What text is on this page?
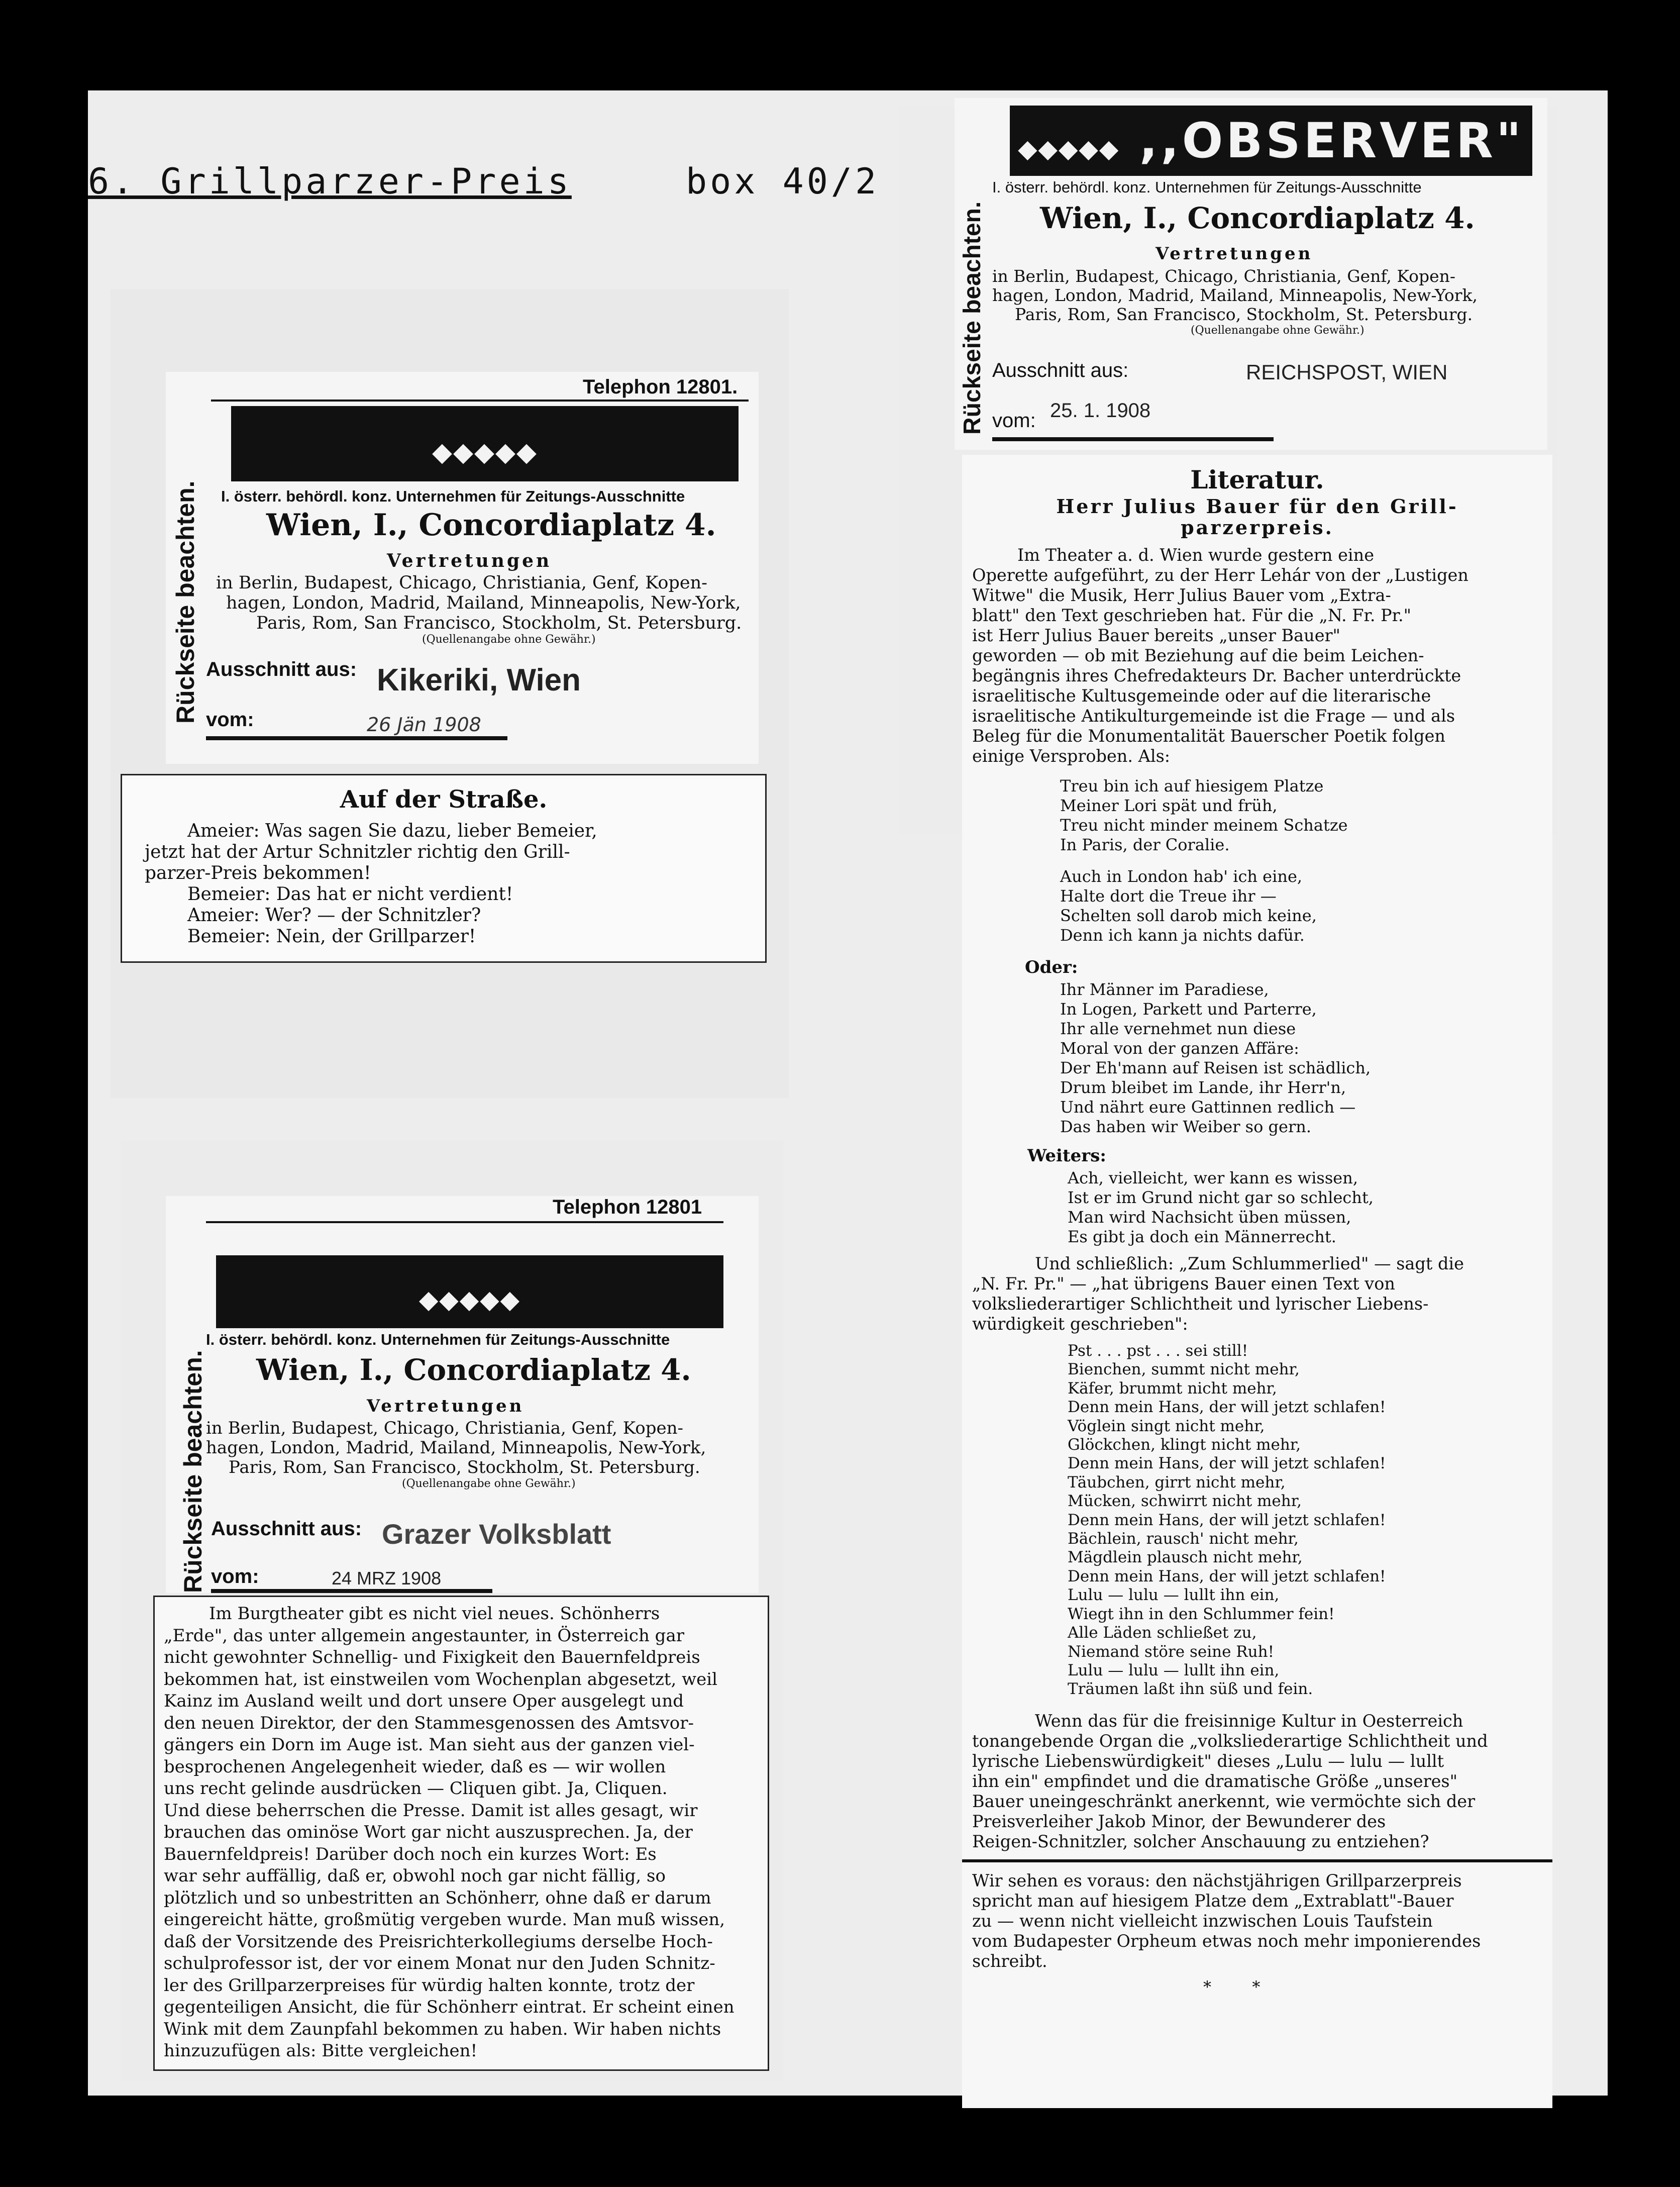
6. Grillparzer-Preis	box 40/2
Rückseite beachten.
Telephon 12801.
◆◆◆◆◆
I. österr. behördl. konz. Unternehmen für Zeitungs-Ausschnitte
Wien, I., Concordiaplatz 4.
Vertretungen
in Berlin, Budapest, Chicago, Christiania, Genf, Kopen-
hagen, London, Madrid, Mailand, Minneapolis, New-York,
Paris, Rom, San Francisco, Stockholm, St. Petersburg.
(Quellenangabe ohne Gewähr.)
Ausschnitt aus: Kikeriki, Wien
vom:	26 Jän 1908
Auf der Straße.
Ameier: Was sagen Sie dazu, lieber Bemeier,
jetzt hat der Artur Schnitzler richtig den Grill-
parzer-Preis bekommen!
Bemeier: Das hat er nicht verdient!
Ameier: Wer? — der Schnitzler?
Bemeier: Nein, der Grillparzer!
Rückseite beachten.
◆◆◆◆◆ ,,OBSERVER"
I. österr. behördl. konz. Unternehmen für Zeitungs-Ausschnitte
Wien, I., Concordiaplatz 4.
Vertretungen
in Berlin, Budapest, Chicago, Christiania, Genf, Kopen-
hagen, London, Madrid, Mailand, Minneapolis, New-York,
Paris, Rom, San Francisco, Stockholm, St. Petersburg.
(Quellenangabe ohne Gewähr.)
Ausschnitt aus:	REICHSPOST, WIEN
vom: 25. 1. 1908
Literatur.
Herr Julius Bauer für den Grill-
parzerpreis.

Im Theater a. d. Wien wurde gestern eine

Operette aufgeführt, zu der Herr Lehár von der „Lustigen

Witwe" die Musik, Herr Julius Bauer vom „Extra-

blatt" den Text geschrieben hat. Für die „N. Fr. Pr."

ist Herr Julius Bauer bereits „unser Bauer"

geworden — ob mit Beziehung auf die beim Leichen-

begängnis ihres Chefredakteurs Dr. Bacher unterdrückte

israelitische Kultusgemeinde oder auf die literarische

israelitische Antikulturgemeinde ist die Frage — und als

Beleg für die Monumentalität Bauerscher Poetik folgen

einige Versproben. Als:

Treu bin ich auf hiesigem Platze

Meiner Lori spät und früh,

Treu nicht minder meinem Schatze

In Paris, der Coralie.

Auch in London hab' ich eine,

Halte dort die Treue ihr —

Schelten soll darob mich keine,

Denn ich kann ja nichts dafür.

Oder:

Ihr Männer im Paradiese,

In Logen, Parkett und Parterre,

Ihr alle vernehmet nun diese

Moral von der ganzen Affäre:

Der Eh'mann auf Reisen ist schädlich,

Drum bleibet im Lande, ihr Herr'n,

Und nährt eure Gattinnen redlich —

Das haben wir Weiber so gern.

Weiters:

Ach, vielleicht, wer kann es wissen,

Ist er im Grund nicht gar so schlecht,

Man wird Nachsicht üben müssen,

Es gibt ja doch ein Männerrecht.

Und schließlich: „Zum Schlummerlied" — sagt die

„N. Fr. Pr." — „hat übrigens Bauer einen Text von

volksliederartiger Schlichtheit und lyrischer Liebens-

würdigkeit geschrieben":

Pst . . . pst . . . sei still!

Bienchen, summt nicht mehr,

Käfer, brummt nicht mehr,

Denn mein Hans, der will jetzt schlafen!

Vöglein singt nicht mehr,

Glöckchen, klingt nicht mehr,

Denn mein Hans, der will jetzt schlafen!

Täubchen, girrt nicht mehr,

Mücken, schwirrt nicht mehr,

Denn mein Hans, der will jetzt schlafen!

Bächlein, rausch' nicht mehr,

Mägdlein plausch nicht mehr,

Denn mein Hans, der will jetzt schlafen!

Lulu — lulu — lullt ihn ein,

Wiegt ihn in den Schlummer fein!

Alle Läden schließet zu,

Niemand störe seine Ruh!

Lulu — lulu — lullt ihn ein,

Träumen laßt ihn süß und fein.

Wenn das für die freisinnige Kultur in Oesterreich

tonangebende Organ die „volksliederartige Schlichtheit und

lyrische Liebenswürdigkeit" dieses „Lulu — lulu — lullt

ihn ein" empfindet und die dramatische Größe „unseres"

Bauer uneingeschränkt anerkennt, wie vermöchte sich der

Preisverleiher Jakob Minor, der Bewunderer des

Reigen-Schnitzler, solcher Anschauung zu entziehen?

Wir sehen es voraus: den nächstjährigen Grillparzerpreis

spricht man auf hiesigem Platze dem „Extrablatt"-Bauer

zu — wenn nicht vielleicht inzwischen Louis Taufstein

vom Budapester Orpheum etwas noch mehr imponierendes

schreibt.

*        *
Rückseite beachten.
Telephon 12801
◆◆◆◆◆
I. österr. behördl. konz. Unternehmen für Zeitungs-Ausschnitte
Wien, I., Concordiaplatz 4.
Vertretungen
in Berlin, Budapest, Chicago, Christiania, Genf, Kopen-
hagen, London, Madrid, Mailand, Minneapolis, New-York,
Paris, Rom, San Francisco, Stockholm, St. Petersburg.
(Quellenangabe ohne Gewähr.)
Ausschnitt aus: Grazer Volksblatt
vom:	24 MRZ 1908

Im Burgtheater gibt es nicht viel neues. Schönherrs

„Erde", das unter allgemein angestaunter, in Österreich gar

nicht gewohnter Schnellig- und Fixigkeit den Bauernfeldpreis

bekommen hat, ist einstweilen vom Wochenplan abgesetzt, weil

Kainz im Ausland weilt und dort unsere Oper ausgelegt und

den neuen Direktor, der den Stammesgenossen des Amtsvor-

gängers ein Dorn im Auge ist. Man sieht aus der ganzen viel-

besprochenen Angelegenheit wieder, daß es — wir wollen

uns recht gelinde ausdrücken — Cliquen gibt. Ja, Cliquen.

Und diese beherrschen die Presse. Damit ist alles gesagt, wir

brauchen das ominöse Wort gar nicht auszusprechen. Ja, der

Bauernfeldpreis! Darüber doch noch ein kurzes Wort: Es

war sehr auffällig, daß er, obwohl noch gar nicht fällig, so

plötzlich und so unbestritten an Schönherr, ohne daß er darum

eingereicht hätte, großmütig vergeben wurde. Man muß wissen,

daß der Vorsitzende des Preisrichterkollegiums derselbe Hoch-

schulprofessor ist, der vor einem Monat nur den Juden Schnitz-

ler des Grillparzerpreises für würdig halten konnte, trotz der

gegenteiligen Ansicht, die für Schönherr eintrat. Er scheint einen

Wink mit dem Zaunpfahl bekommen zu haben. Wir haben nichts

hinzuzufügen als: Bitte vergleichen!
